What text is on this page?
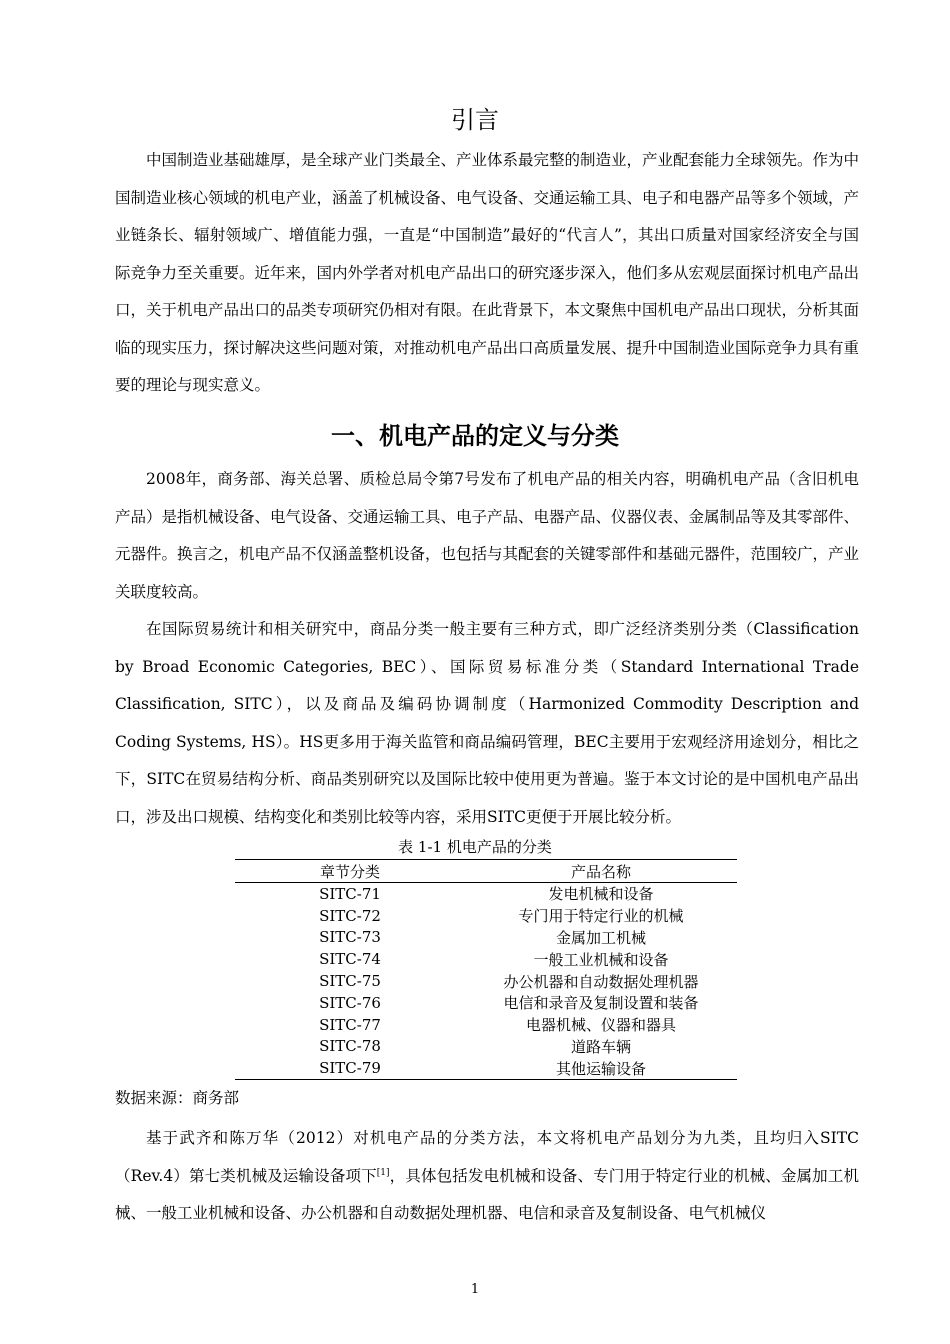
引言

中国制造业基础雄厚，是全球产业门类最全、产业体系最完整的制造业，产业配套能力全球领先。作为中国制造业核心领域的机电产业，涵盖了机械设备、电气设备、交通运输工具、电子和电器产品等多个领域，产业链条长、辐射领域广、增值能力强，一直是“中国制造”最好的“代言人”，其出口质量对国家经济安全与国际竞争力至关重要。近年来，国内外学者对机电产品出口的研究逐步深入，他们多从宏观层面探讨机电产品出口，关于机电产品出口的品类专项研究仍相对有限。在此背景下，本文聚焦中国机电产品出口现状，分析其面临的现实压力，探讨解决这些问题对策，对推动机电产品出口高质量发展、提升中国制造业国际竞争力具有重要的理论与现实意义。

一、机电产品的定义与分类

2008年，商务部、海关总署、质检总局令第7号发布了机电产品的相关内容，明确机电产品（含旧机电产品）是指机械设备、电气设备、交通运输工具、电子产品、电器产品、仪器仪表、金属制品等及其零部件、元器件。换言之，机电产品不仅涵盖整机设备，也包括与其配套的关键零部件和基础元器件，范围较广，产业关联度较高。

在国际贸易统计和相关研究中，商品分类一般主要有三种方式，即广泛经济类别分类（Classification by Broad Economic Categories, BEC）、国际贸易标准分类（Standard International Trade Classification, SITC），以及商品及编码协调制度（Harmonized Commodity Description and Coding Systems, HS）。HS更多用于海关监管和商品编码管理，BEC主要用于宏观经济用途划分，相比之下，SITC在贸易结构分析、商品类别研究以及国际比较中使用更为普遍。鉴于本文讨论的是中国机电产品出口，涉及出口规模、结构变化和类别比较等内容，采用SITC更便于开展比较分析。

表 1-1 机电产品的分类
章节分类	产品名称
SITC-71	发电机械和设备
SITC-72	专门用于特定行业的机械
SITC-73	金属加工机械
SITC-74	一般工业机械和设备
SITC-75	办公机器和自动数据处理机器
SITC-76	电信和录音及复制设置和装备
SITC-77	电器机械、仪器和器具
SITC-78	道路车辆
SITC-79	其他运输设备
数据来源：商务部

基于武齐和陈万华（2012）对机电产品的分类方法，本文将机电产品划分为九类，且均归入SITC（Rev.4）第七类机械及运输设备项下[1]，具体包括发电机械和设备、专门用于特定行业的机械、金属加工机械、一般工业机械和设备、办公机器和自动数据处理机器、电信和录音及复制设备、电气机械仪

1
